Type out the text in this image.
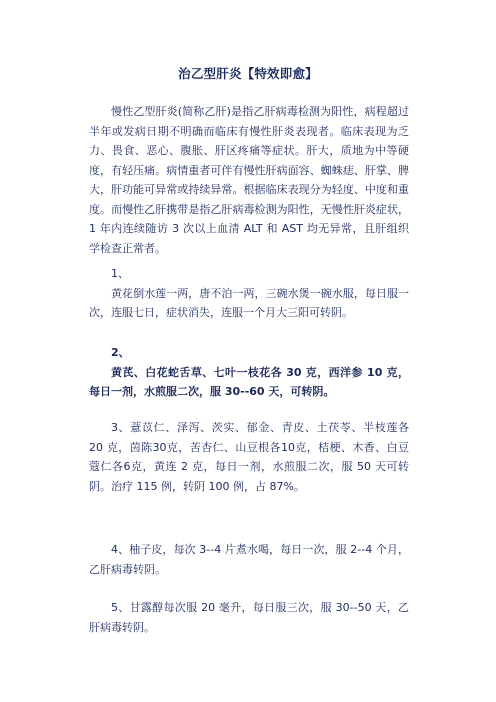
治乙型肝炎【特效即愈】

慢性乙型肝炎(简称乙肝)是指乙肝病毒检测为阳性，病程超过半年或发病日期不明确而临床有慢性肝炎表现者。临床表现为乏力、畏食、恶心、腹胀、肝区疼痛等症状。肝大，质地为中等硬度，有轻压痛。病情重者可伴有慢性肝病面容、蜘蛛痣、肝掌、脾大，肝功能可异常或持续异常。根据临床表现分为轻度、中度和重度。而慢性乙肝携带是指乙肝病毒检测为阳性，无慢性肝炎症状，1 年内连续随访 3 次以上血清 ALT 和 AST 均无异常，且肝组织学检查正常者。

1、

黄花倒水莲一两，唐不泊一两，三碗水煲一碗水服，每日服一次，连服七日，症状消失，连服一个月大三阳可转阴。

2、

黄芪、白花蛇舌草、七叶一枝花各 30 克，西洋参 10 克，每日一剂，水煎服二次，服 30--60 天，可转阴。

3、薏苡仁、泽泻、茨实、郁金、青皮、土茯苓、半枝莲各 20 克，茵陈30克，苦杏仁、山豆根各10克，桔梗、木香、白豆蔻仁各6克，黄连 2 克，每日一剂，水煎服二次，服 50 天可转阴。治疗 115 例，转阴 100 例，占 87%。

4、柚子皮，每次 3--4 片煮水喝，每日一次，服 2--4 个月，乙肝病毒转阴。

5、甘露醇每次服 20 毫升，每日服三次，服 30--50 天，乙肝病毒转阴。
